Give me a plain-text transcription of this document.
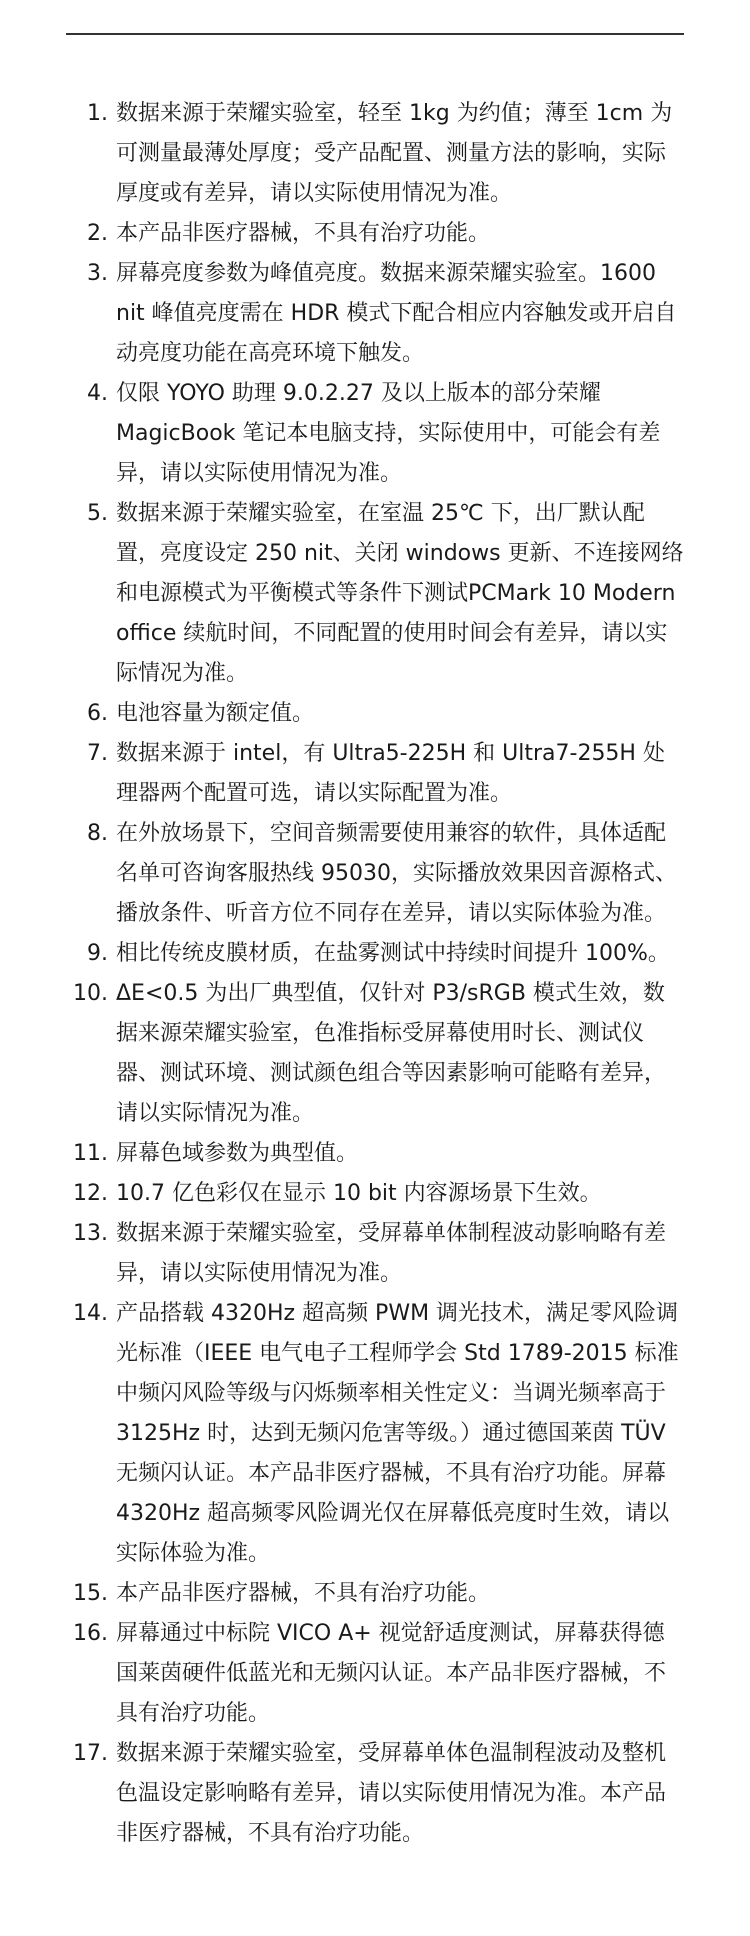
1. 数据来源于荣耀实验室，轻至 1kg 为约值；薄至 1cm 为可测量最薄处厚度；受产品配置、测量方法的影响，实际厚度或有差异，请以实际使用情况为准。
2. 本产品非医疗器械，不具有治疗功能。
3. 屏幕亮度参数为峰值亮度。数据来源荣耀实验室。1600 nit 峰值亮度需在 HDR 模式下配合相应内容触发或开启自动亮度功能在高亮环境下触发。
4. 仅限 YOYO 助理 9.0.2.27 及以上版本的部分荣耀 MagicBook 笔记本电脑支持，实际使用中，可能会有差异，请以实际使用情况为准。
5. 数据来源于荣耀实验室，在室温 25℃ 下，出厂默认配置，亮度设定 250 nit、关闭 windows 更新、不连接网络和电源模式为平衡模式等条件下测试PCMark 10 Modern office 续航时间，不同配置的使用时间会有差异，请以实际情况为准。
6. 电池容量为额定值。
7. 数据来源于 intel，有 Ultra5-225H 和 Ultra7-255H 处理器两个配置可选，请以实际配置为准。
8. 在外放场景下，空间音频需要使用兼容的软件，具体适配名单可咨询客服热线 95030，实际播放效果因音源格式、播放条件、听音方位不同存在差异，请以实际体验为准。
9. 相比传统皮膜材质，在盐雾测试中持续时间提升 100%。
10. ΔE<0.5 为出厂典型值，仅针对 P3/sRGB 模式生效，数据来源荣耀实验室，色准指标受屏幕使用时长、测试仪器、测试环境、测试颜色组合等因素影响可能略有差异，请以实际情况为准。
11. 屏幕色域参数为典型值。
12. 10.7 亿色彩仅在显示 10 bit 内容源场景下生效。
13. 数据来源于荣耀实验室，受屏幕单体制程波动影响略有差异，请以实际使用情况为准。
14. 产品搭载 4320Hz 超高频 PWM 调光技术，满足零风险调光标准（IEEE 电气电子工程师学会 Std 1789-2015 标准中频闪风险等级与闪烁频率相关性定义：当调光频率高于 3125Hz 时，达到无频闪危害等级。）通过德国莱茵 TÜV 无频闪认证。本产品非医疗器械，不具有治疗功能。屏幕 4320Hz 超高频零风险调光仅在屏幕低亮度时生效，请以实际体验为准。
15. 本产品非医疗器械，不具有治疗功能。
16. 屏幕通过中标院 VICO A+ 视觉舒适度测试，屏幕获得德国莱茵硬件低蓝光和无频闪认证。本产品非医疗器械，不具有治疗功能。
17. 数据来源于荣耀实验室，受屏幕单体色温制程波动及整机色温设定影响略有差异，请以实际使用情况为准。本产品非医疗器械，不具有治疗功能。
